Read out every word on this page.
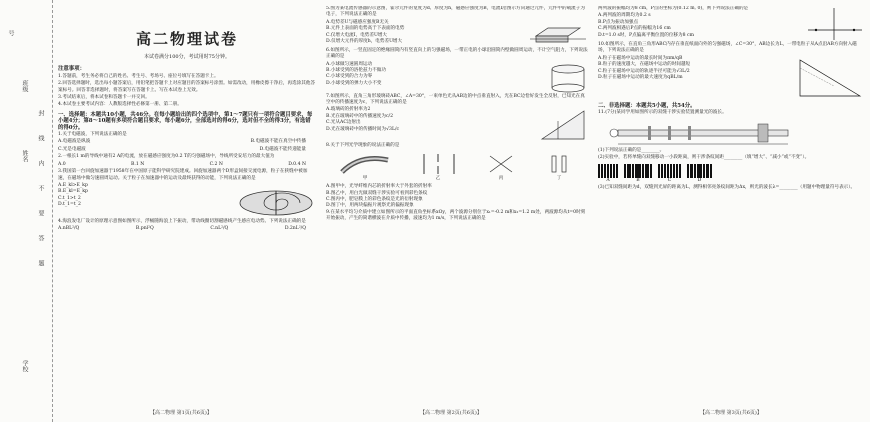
号
班级
姓名
封
线
内
不
要
答
题
学校
高二物理试卷
本试卷满分100分，考试用时75分钟。
注意事项：
1.答题前，考生务必将自己的姓名、考生号、考场号、座位号填写在答题卡上。
2.回答选择题时，选出每小题答案后，用铅笔把答题卡上对应题目的答案标号涂黑。如需改动，用橡皮擦干净后，再选涂其他答案标号。回答非选择题时，将答案写在答题卡上。写在本试卷上无效。
3.考试结束后，将本试卷和答题卡一并交回。
4.本试卷主要考试内容：人教版选择性必修第一册、第二册。
一、选择题：本题共10小题，共46分。在每小题给出的四个选项中，第1～7题只有一项符合题目要求，每小题4分；第8～10题有多项符合题目要求，每小题6分，全部选对的得6分，选对但不全的得3分，有选错的得0分。
1.关于电磁波，下列说法正确的是
A.电磁波是纵波	B.电磁波不能在真空中传播
C.光是电磁波	D.电磁波不能传递能量
2.一根长1 m的导线中通有2 A的电流，放在磁感应强度为0.2 T的匀强磁场中，导线所受安培力的最大值为
A.0	B.1 N	C.2 N	D.0.4 N
3.我国第一台回旋加速器于1958年在中国原子能科学研究院建成。回旋加速器两个D形盒间接交流电源，粒子在狭缝中被加速，在磁场中做匀速圆周运动。关于粒子在加速器中的运动及最终获得的动能，下列说法正确的是
A.E_kl>E_kp
B.E_kl=E_kp
C.t_1>t_2
D.t_1=t_2
4.海浪发电厂设计的原理示意图如图所示，浮桶随海浪上下振动，带动线圈切割磁感线产生感应电动势。下列说法正确的是
A.nBL²/Q	B.pnl²Q	C.nL²/Q	D.2nL²/Q
【高二物理 第1页(共6页)】
5.图为某电流传感器的示意图，霍尔元件的宽度为d、厚度为h，磁感应强度为B，电流I沿图示方向通过元件，元件中的载流子为电子，下列说法正确的是
A.电势差U与磁感应强度B无关
B.元件上表面的电势高于下表面的电势
C.仅增大电流I，电势差U增大
D.仅增大元件的厚度h，电势差U增大
6.如图所示，一竖直固定的绝缘圆筒内有竖直向上的匀强磁场，一带正电的小球沿圆筒内壁做圆周运动，不计空气阻力，下列说法正确的是
A.小球做匀速圆周运动
B.小球受到的洛伦兹力不做功
C.小球受到的合力为零
D.小球受到的弹力大小不变
7.如图所示，直角三角形玻璃砖ABC，∠A=30°，一束单色光从AB边的中点垂直射入，光在BC边恰好发生全反射，已知光在真空中的传播速度为c，下列说法正确的是
A.玻璃砖的折射率为2
B.光在玻璃砖中的传播速度为c/2
C.光从AC边射出
D.光在玻璃砖中的传播时间为√3L/c
8.关于下列光学现象的说法正确的是
甲	乙	丙	丁
A.图甲中，光导纤维内芯的折射率大于外套的折射率
B.图乙中，用白光做双缝干涉实验可看到彩色条纹
C.图丙中，肥皂膜上的彩色条纹是光的衍射现象
D.图丁中，用两块偏振片观察光的偏振现象
9.在某水平均匀介质中建立如图所示的平面直角坐标系xOy，两个波源分别位于x₁=-0.2 m和x₂=1.2 m处，两波源均从t=0时刻开始振动，产生的简谐横波在介质中传播，波速均为1 m/s，下列说法正确的是
【高二物理 第2页(共6页)】
两列波的振幅均为8 cm，P点的坐标为(0.12 m, 0)，则下列说法正确的是
A.两列波的周期均为0.2 s
B.P点为振动加强点
C.两列波相遇后P点的振幅为16 cm
D.t=1.0 s时，P点偏离平衡位置的位移为8 cm
10.如图所示，在直角三角形ABC内存在垂直纸面向外的匀强磁场，∠C=30°，AB边长为L，一带电粒子从A点沿AB方向射入磁场，下列说法正确的是
A.粒子在磁场中运动的最长时间为πm/qB
B.粒子的速度越大，在磁场中运动的时间越短
C.粒子在磁场中运动的轨迹半径可能为√3L/2
D.粒子在磁场中运动的最大速度为qBL/m
二、非选择题：本题共5小题，共54分。
11.(7分)某同学用如图所示的双缝干涉实验装置测量光的波长。
(1)下列说法正确的是________。
(2)实验中，若将单缝向双缝移动一小段距离，则干涉条纹间距________（填“增大”、“减小”或“不变”）。
A	B	C	D
(3)已知双缝间距为d，双缝到光屏的距离为L，测得相邻亮条纹间距为Δx，则光的波长λ=________（用题中物理量符号表示）。
【高二物理 第3页(共6页)】
